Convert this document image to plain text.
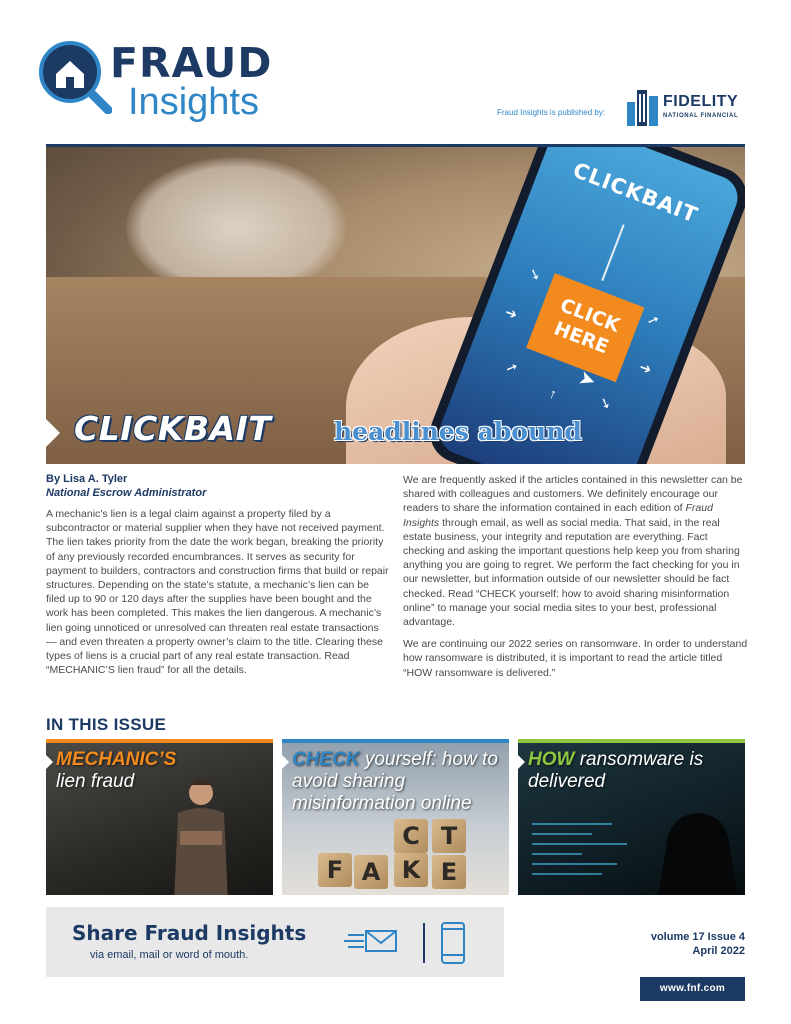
FRAUD
Insights	Fraud Insights is published by:
FIDELITY
NATIONAL FINANCIAL
CLICKBAIT
CLICK HERE
➘
➚
➔
➔
➚
↑	➘
➤
CLICKBAIT	headlines abound
By Lisa A. Tyler
National Escrow Administrator

A mechanic’s lien is a legal claim against a property filed by a subcontractor or material supplier when they have not received payment. The lien takes priority from the date the work began, breaking the priority of any previously recorded encumbrances. It serves as security for payment to builders, contractors and construction firms that build or repair structures. Depending on the state’s statute, a mechanic’s lien can be filed up to 90 or 120 days after the supplies have been bought and the work has been completed. This makes the lien dangerous. A mechanic’s lien going unnoticed or unresolved can threaten real estate transactions — and even threaten a property owner’s claim to the title. Clearing these types of liens is a crucial part of any real estate transaction. Read “MECHANIC’S lien fraud” for all the details.

We are frequently asked if the articles contained in this newsletter can be shared with colleagues and customers. We definitely encourage our readers to share the information contained in each edition of Fraud Insights through email, as well as social media. That said, in the real estate business, your integrity and reputation are everything. Fact checking and asking the important questions help keep you from sharing anything you are going to regret. We perform the fact checking for you in our newsletter, but information outside of our newsletter should be fact checked. Read “CHECK yourself: how to avoid sharing misinformation online” to manage your social media sites to your best, professional advantage.

We are continuing our 2022 series on ransomware. In order to understand how ransomware is distributed, it is important to read the article titled “HOW ransomware is delivered.”

IN THIS ISSUE
MECHANIC’S
lien fraud
F A K E
C T
CHECK yourself: how to avoid sharing misinformation online
HOW ransomware is delivered
Share Fraud Insights
via email, mail or word of mouth.
volume 17 Issue 4
April 2022
www.fnf.com
